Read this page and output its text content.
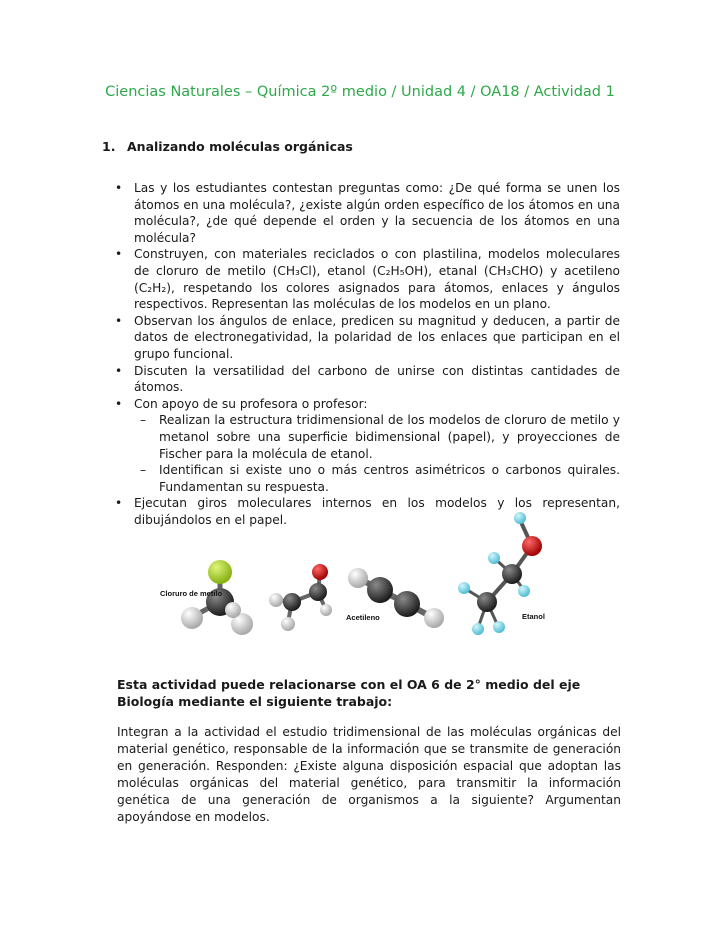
Ciencias Naturales – Química 2º medio / Unidad 4 / OA18 / Actividad 1
1. Analizando moléculas orgánicas
• Las y los estudiantes contestan preguntas como: ¿De qué forma se unen los átomos en una molécula?, ¿existe algún orden específico de los átomos en una molécula?, ¿de qué depende el orden y la secuencia de los átomos en una molécula?
• Construyen, con materiales reciclados o con plastilina, modelos moleculares de cloruro de metilo (CH₃Cl), etanol (C₂H₅OH), etanal (CH₃CHO) y acetileno (C₂H₂), respetando los colores asignados para átomos, enlaces y ángulos respectivos. Representan las moléculas de los modelos en un plano.
• Observan los ángulos de enlace, predicen su magnitud y deducen, a partir de datos de electronegatividad, la polaridad de los enlaces que participan en el grupo funcional.
• Discuten la versatilidad del carbono de unirse con distintas cantidades de átomos.
• Con apoyo de su profesora o profesor:
– Realizan la estructura tridimensional de los modelos de cloruro de metilo y metanol sobre una superficie bidimensional (papel), y proyecciones de Fischer para la molécula de etanol.
– Identifican si existe uno o más centros asimétricos o carbonos quirales. Fundamentan su respuesta.
• Ejecutan giros moleculares internos en los modelos y los representan, dibujándolos en el papel.
Cloruro de metilo
Acetileno	Etanol
Esta actividad puede relacionarse con el OA 6 de 2° medio del eje Biología mediante el siguiente trabajo:
Integran a la actividad el estudio tridimensional de las moléculas orgánicas del material genético, responsable de la información que se transmite de generación en generación. Responden: ¿Existe alguna disposición espacial que adoptan las moléculas orgánicas del material genético, para transmitir la información genética de una generación de organismos a la siguiente? Argumentan apoyándose en modelos.
